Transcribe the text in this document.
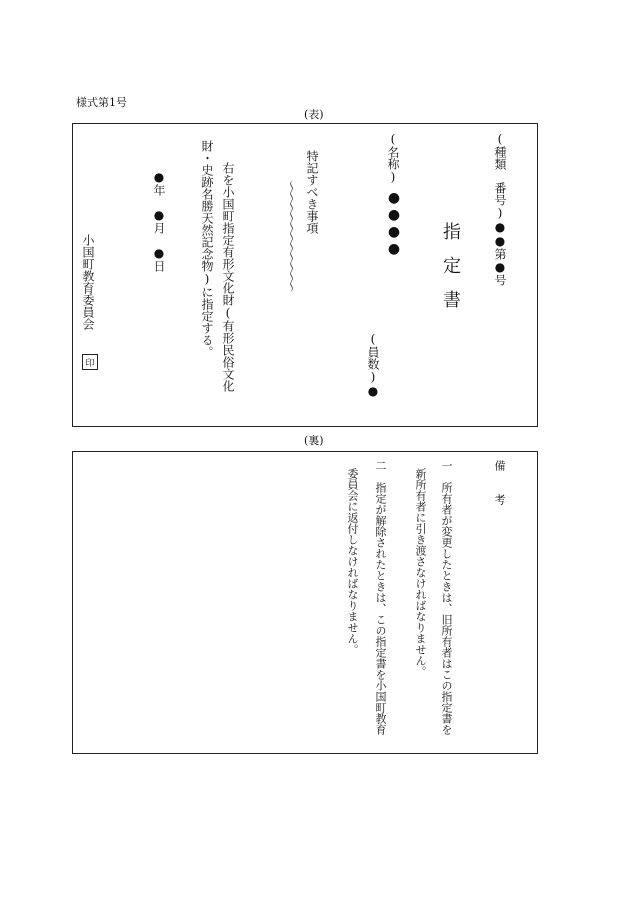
様式第1号
(表)
(種類　番号)●●第●号
指定書
(名称)　
●●●●
(員数)●
特記すべき事項
～～～～～～～～～～～
右を小国町指定有形文化財(有形民俗文化
財・史跡名勝天然記念物)に指定する。
●年　●月　●日
小国町教育委員会
印
(裏)
備　考
一　所有者が変更したときは、旧所有者はこの指定書を
新所有者に引き渡さなければなりません。
二　指定が解除されたときは、この指定書を小国町教育
委員会に返付しなければなりません。
